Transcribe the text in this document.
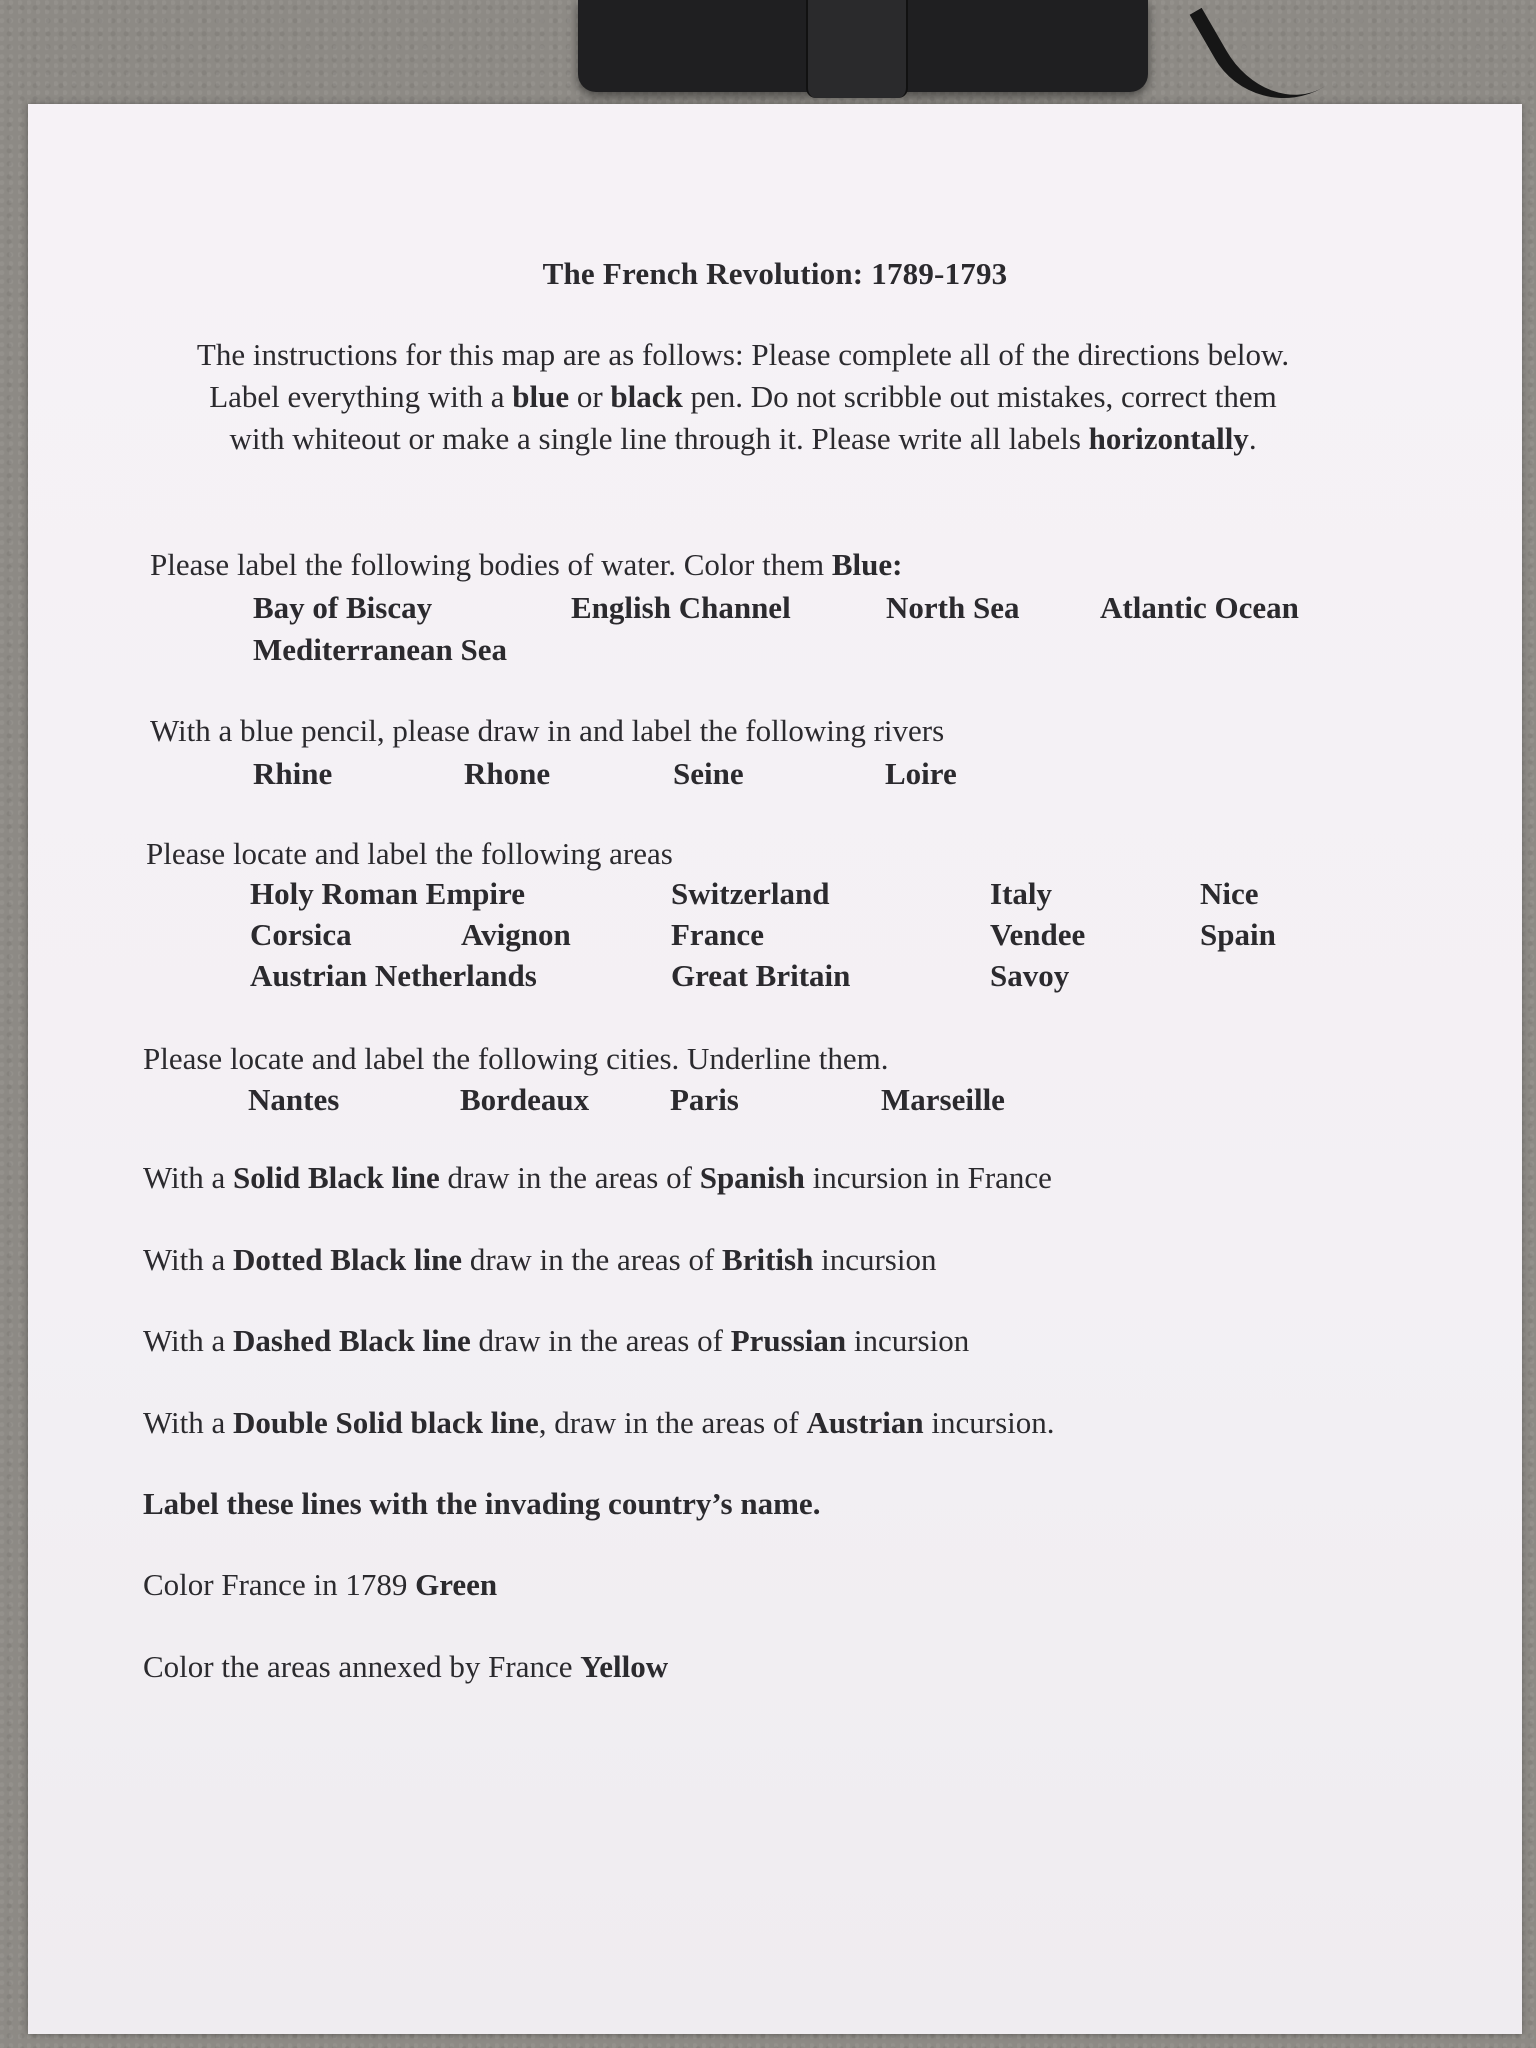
The French Revolution: 1789-1793
The instructions for this map are as follows: Please complete all of the directions below.
Label everything with a blue or black pen. Do not scribble out mistakes, correct them
with whiteout or make a single line through it. Please write all labels horizontally.
Please label the following bodies of water. Color them Blue:
Bay of Biscay	English Channel	North Sea	Atlantic Ocean
Mediterranean Sea
With a blue pencil, please draw in and label the following rivers
Rhine	Rhone	Seine	Loire
Please locate and label the following areas
Holy Roman Empire	Switzerland	Italy	Nice
Corsica	Avignon	France	Vendee	Spain
Austrian Netherlands	Great Britain	Savoy
Please locate and label the following cities. Underline them.
Nantes	Bordeaux	Paris	Marseille
With a Solid Black line draw in the areas of Spanish incursion in France
With a Dotted Black line draw in the areas of British incursion
With a Dashed Black line draw in the areas of Prussian incursion
With a Double Solid black line, draw in the areas of Austrian incursion.
Label these lines with the invading country’s name.
Color France in 1789 Green
Color the areas annexed by France Yellow
